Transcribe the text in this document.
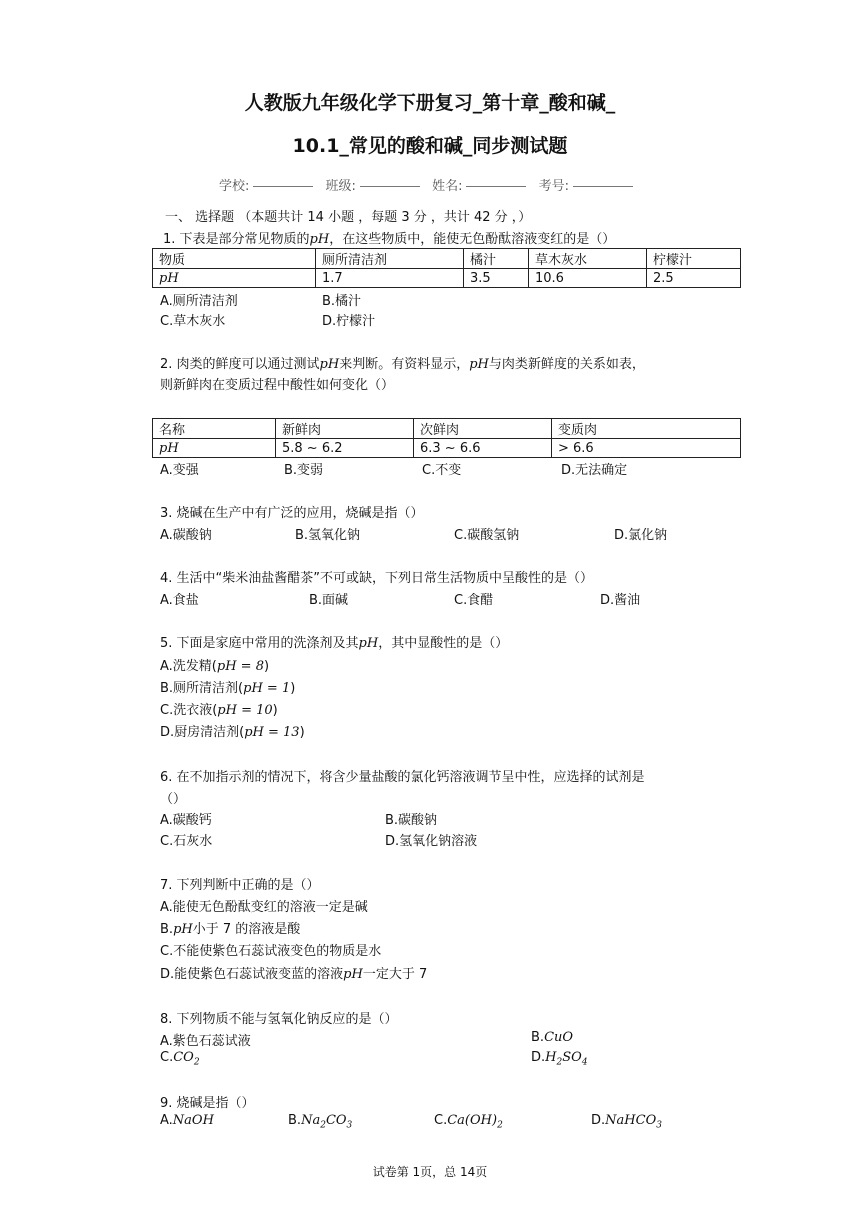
人教版九年级化学下册复习_第十章_酸和碱_
10.1_常见的酸和碱_同步测试题
学校:	班级:	姓名:	考号:
一、 选择题 （本题共计 14 小题 ，每题 3 分 ，共计 42 分 ，）
1. 下表是部分常见物质的pH，在这些物质中，能使无色酚酞溶液变红的是（）
物质	厕所清洁剂	橘汁	草木灰水	柠檬汁
pH	1.7	3.5	10.6	2.5
A.厕所清洁剂	B.橘汁
C.草木灰水	D.柠檬汁
2. 肉类的鲜度可以通过测试pH来判断。有资料显示，pH与肉类新鲜度的关系如表，
则新鲜肉在变质过程中酸性如何变化（）
名称	新鲜肉	次鲜肉	变质肉
pH	5.8 ~ 6.2	6.3 ~ 6.6	> 6.6
A.变强	B.变弱	C.不变	D.无法确定
3. 烧碱在生产中有广泛的应用，烧碱是指（）
A.碳酸钠	B.氢氧化钠	C.碳酸氢钠	D.氯化钠
4. 生活中“柴米油盐酱醋茶”不可或缺，下列日常生活物质中呈酸性的是（）
A.食盐	B.面碱	C.食醋	D.酱油
5. 下面是家庭中常用的洗涤剂及其pH，其中显酸性的是（）
A.洗发精(pH = 8)
B.厕所清洁剂(pH = 1)
C.洗衣液(pH = 10)
D.厨房清洁剂(pH = 13)
6. 在不加指示剂的情况下，将含少量盐酸的氯化钙溶液调节呈中性，应选择的试剂是
（）
A.碳酸钙	B.碳酸钠
C.石灰水	D.氢氧化钠溶液
7. 下列判断中正确的是（）
A.能使无色酚酞变红的溶液一定是碱
B.pH小于 7 的溶液是酸
C.不能使紫色石蕊试液变色的物质是水
D.能使紫色石蕊试液变蓝的溶液pH一定大于 7
8. 下列物质不能与氢氧化钠反应的是（）
A.紫色石蕊试液	B.CuO
$C.CO_2$	$D.H_2SO_4$
9. 烧碱是指（）
A.NaOH	$B.Na_2CO_3$	$C.Ca(OH)_2$	D.NaHCO$_3$
试卷第 1页，总 14页
